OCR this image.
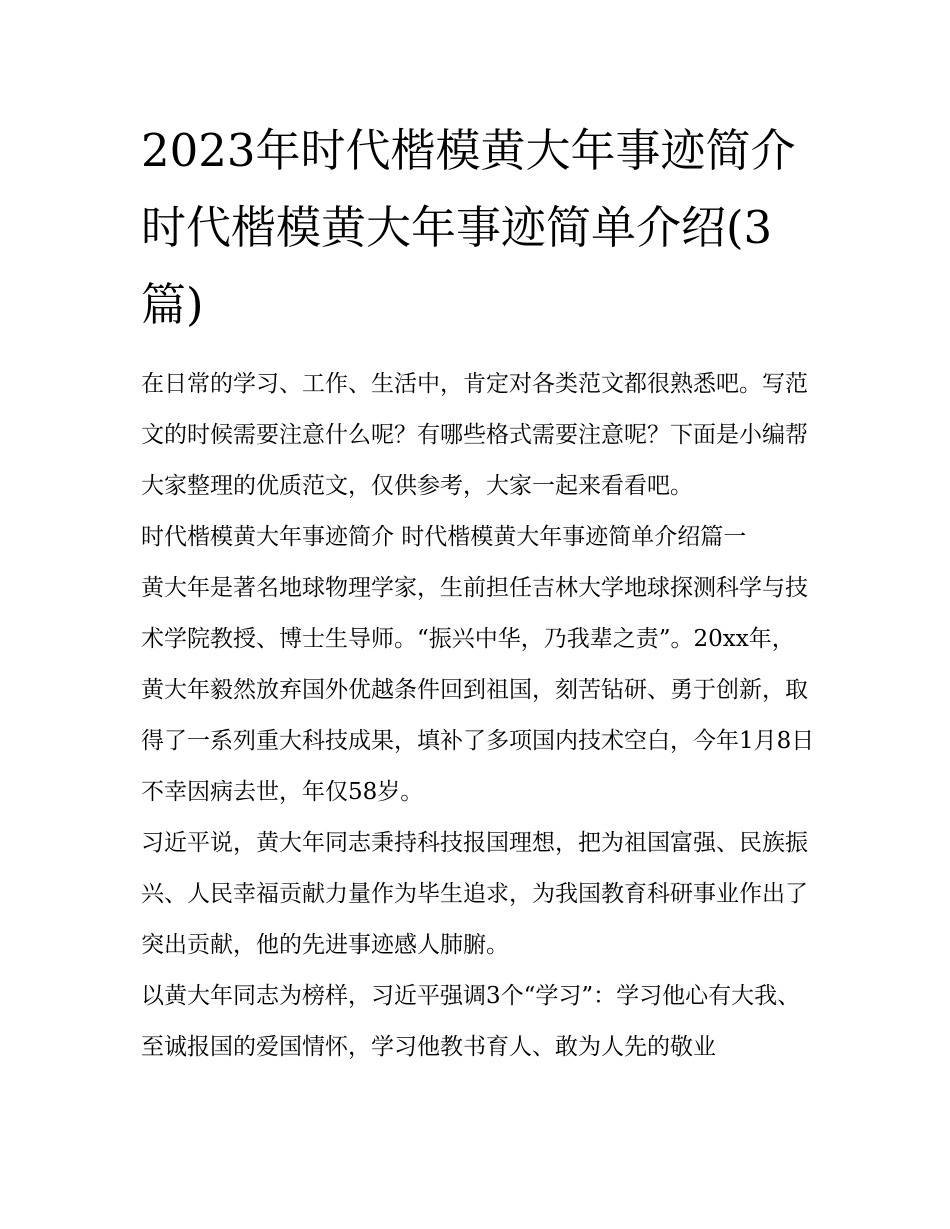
2023年时代楷模黄大年事迹简介 时代楷模黄大年事迹简单介绍(3篇)

在日常的学习、工作、生活中，肯定对各类范文都很熟悉吧。写范文的时候需要注意什么呢？有哪些格式需要注意呢？下面是小编帮大家整理的优质范文，仅供参考，大家一起来看看吧。

时代楷模黄大年事迹简介 时代楷模黄大年事迹简单介绍篇一

黄大年是著名地球物理学家，生前担任吉林大学地球探测科学与技术学院教授、博士生导师。“振兴中华，乃我辈之责”。20xx年，黄大年毅然放弃国外优越条件回到祖国，刻苦钻研、勇于创新，取得了一系列重大科技成果，填补了多项国内技术空白，今年1月8日不幸因病去世，年仅58岁。

习近平说，黄大年同志秉持科技报国理想，把为祖国富强、民族振兴、人民幸福贡献力量作为毕生追求，为我国教育科研事业作出了突出贡献，他的先进事迹感人肺腑。

以黄大年同志为榜样，习近平强调3个“学习”：学习他心有大我、至诚报国的爱国情怀，学习他教书育人、敢为人先的敬业
